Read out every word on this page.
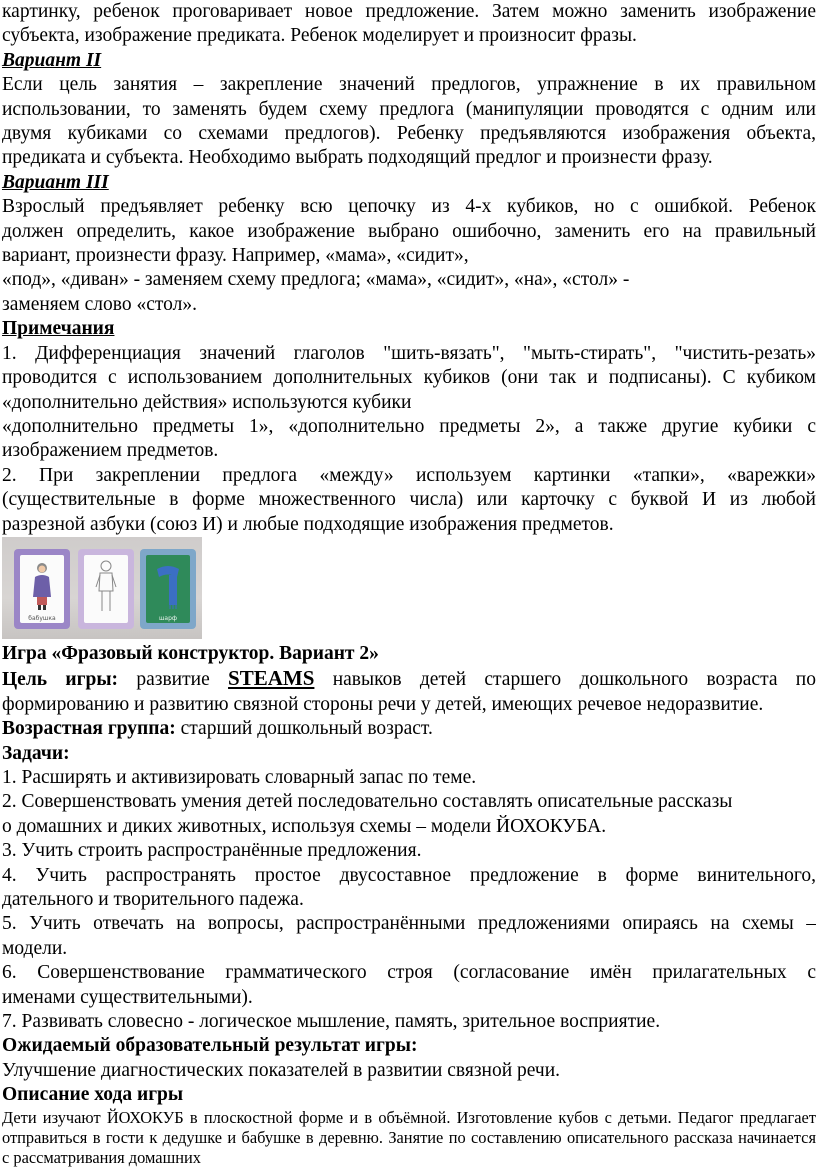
картинку, ребенок проговаривает новое предложение. Затем можно заменить изображение

субъекта, изображение предиката. Ребенок моделирует и произносит фразы.

Вариант II

Если цель занятия – закрепление значений предлогов, упражнение в их правильном

использовании, то заменять будем схему предлога (манипуляции проводятся с одним или

двумя кубиками со схемами предлогов). Ребенку предъявляются изображения объекта,

предиката и субъекта. Необходимо выбрать подходящий предлог и произнести фразу.

Вариант III

Взрослый предъявляет ребенку всю цепочку из 4-х кубиков, но с ошибкой. Ребенок

должен определить, какое изображение выбрано ошибочно, заменить его на правильный

вариант, произнести фразу. Например, «мама», «сидит»,

«под», «диван» - заменяем схему предлога; «мама», «сидит», «на», «стол» -

заменяем слово «стол».

Примечания

1. Дифференциация значений глаголов "шить-вязать", "мыть-стирать", "чистить-резать»

проводится с использованием дополнительных кубиков (они так и подписаны). С кубиком

«дополнительно действия» используются кубики

«дополнительно предметы 1», «дополнительно предметы 2», а также другие кубики с

изображением предметов.

2. При закреплении предлога «между» используем картинки «тапки», «варежки»

(существительные в форме множественного числа) или карточку с буквой И из любой

разрезной азбуки (союз И) и любые подходящие изображения предметов.

бабушка	шарф

Игра «Фразовый конструктор. Вариант 2»

Цель игры: развитие STEAMS навыков детей старшего дошкольного возраста по

формированию и развитию связной стороны речи у детей, имеющих речевое недоразвитие.

Возрастная группа: старший дошкольный возраст.

Задачи:

1. Расширять и активизировать словарный запас по теме.

2. Совершенствовать умения детей последовательно составлять описательные рассказы

о домашних и диких животных, используя схемы – модели ЙОХОКУБА.

3. Учить строить распространённые предложения.

4. Учить распространять простое двусоставное предложение в форме винительного,

дательного и творительного падежа.

5. Учить отвечать на вопросы, распространёнными предложениями опираясь на схемы –

модели.

6. Совершенствование грамматического строя (согласование имён прилагательных с

именами существительными).

7. Развивать словесно - логическое мышление, память, зрительное восприятие.

Ожидаемый образовательный результат игры:

Улучшение диагностических показателей в развитии связной речи.

Описание хода игры

Дети изучают ЙОХОКУБ в плоскостной форме и в объёмной. Изготовление кубов с детьми. Педагог предлагает

отправиться в гости к дедушке и бабушке в деревню. Занятие по составлению описательного рассказа начинается

с рассматривания домашних
